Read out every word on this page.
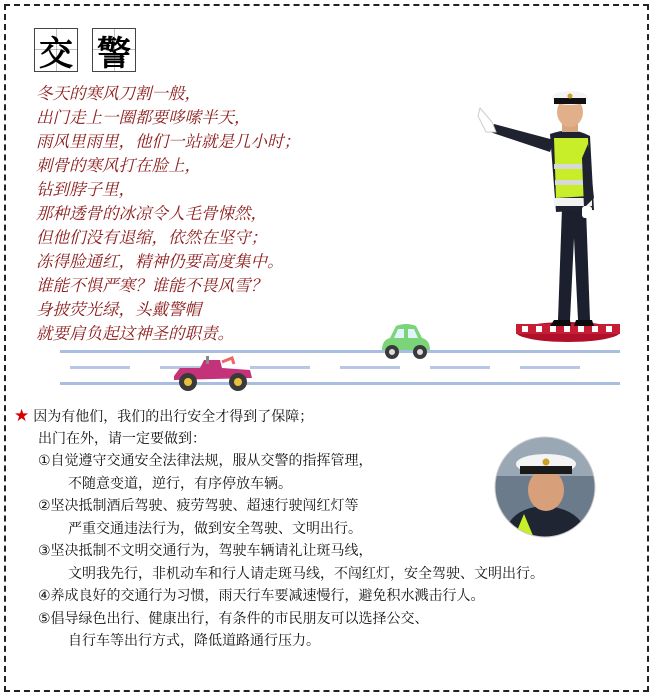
交 警
冬天的寒风刀割一般，
出门走上一圈都要哆嗦半天，
雨风里雨里，他们一站就是几小时；
刺骨的寒风打在脸上，
钻到脖子里，
那种透骨的冰凉令人毛骨悚然，
但他们没有退缩，依然在坚守；
冻得脸通红，精神仍要高度集中。
谁能不惧严寒？谁能不畏风雪？
身披荧光绿，头戴警帽
就要肩负起这神圣的职责。
★ 因为有他们，我们的出行安全才得到了保障；
出门在外，请一定要做到：
①自觉遵守交通安全法律法规，服从交警的指挥管理，
不随意变道，逆行，有序停放车辆。
②坚决抵制酒后驾驶、疲劳驾驶、超速行驶闯红灯等
严重交通违法行为，做到安全驾驶、文明出行。
③坚决抵制不文明交通行为，驾驶车辆请礼让斑马线，
文明我先行，非机动车和行人请走斑马线，不闯红灯，安全驾驶、文明出行。
④养成良好的交通行为习惯，雨天行车要减速慢行，避免积水溅击行人。
⑤倡导绿色出行、健康出行，有条件的市民朋友可以选择公交、
自行车等出行方式，降低道路通行压力。
